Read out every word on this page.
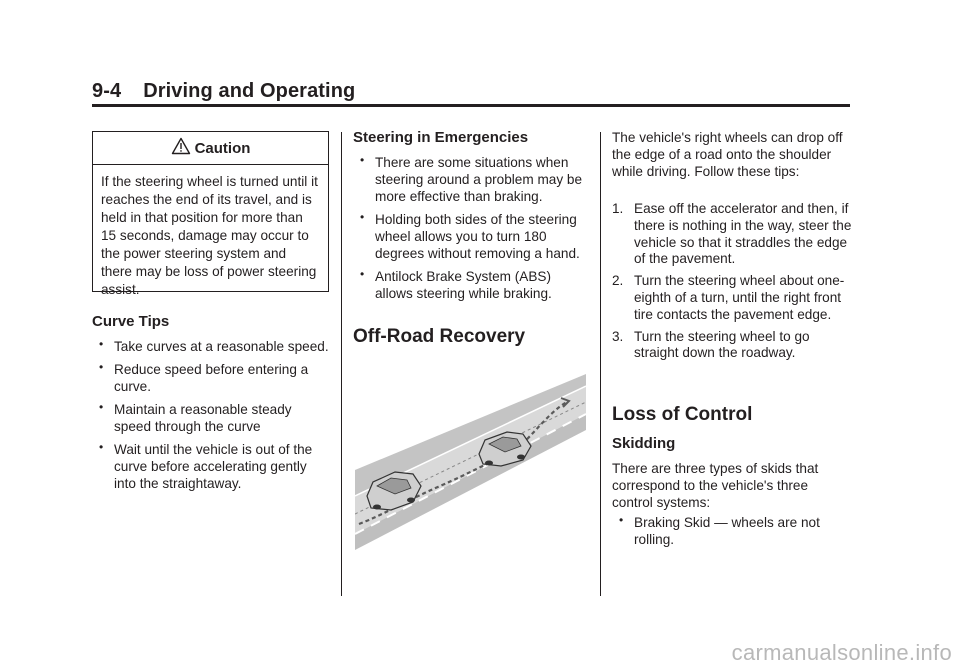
9-4 Driving and Operating
Caution
If the steering wheel is turned until it reaches the end of its travel, and is held in that position for more than 15 seconds, damage may occur to the power steering system and there may be loss of power steering assist.
Curve Tips
• Take curves at a reasonable speed.
• Reduce speed before entering a curve.
• Maintain a reasonable steady speed through the curve
• Wait until the vehicle is out of the curve before accelerating gently into the straightaway.
Steering in Emergencies
• There are some situations when steering around a problem may be more effective than braking.
• Holding both sides of the steering wheel allows you to turn 180 degrees without removing a hand.
• Antilock Brake System (ABS) allows steering while braking.
Off-Road Recovery

The vehicle's right wheels can drop off the edge of a road onto the shoulder while driving. Follow these tips:

1. Ease off the accelerator and then, if there is nothing in the way, steer the vehicle so that it straddles the edge of the pavement.
2. Turn the steering wheel about one-eighth of a turn, until the right front tire contacts the pavement edge.
3. Turn the steering wheel to go straight down the roadway.
Loss of Control
Skidding

There are three types of skids that correspond to the vehicle's three control systems:

• Braking Skid — wheels are not rolling.
carmanualsonline.info
